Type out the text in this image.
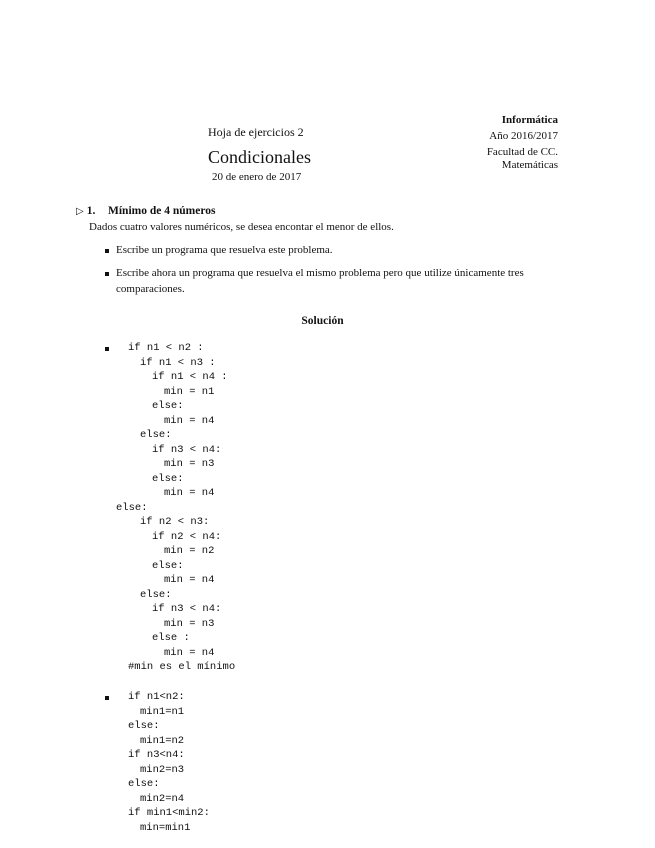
Hoja de ejercicios 2
Condicionales
20 de enero de 2017
Informática
Año 2016/2017
Facultad de CC.
Matemáticas
▷ 1. Mínimo de 4 números
Dados cuatro valores numéricos, se desea encontar el menor de ellos.
Escribe un programa que resuelva este problema.
Escribe ahora un programa que resuelva el mismo problema pero que utilize únicamente tres comparaciones.
Solución
if n1 < n2 :
if n1 < n3 :
if n1 < n4 :
min = n1
else:
min = n4
else:
if n3 < n4:
min = n3
else:
min = n4
else:
if n2 < n3:
if n2 < n4:
min = n2
else:
min = n4
else:
if n3 < n4:
min = n3
else :
min = n4
#min es el mínimo
if n1<n2:
min1=n1
else:
min1=n2
if n3<n4:
min2=n3
else:
min2=n4
if min1<min2:
min=min1
